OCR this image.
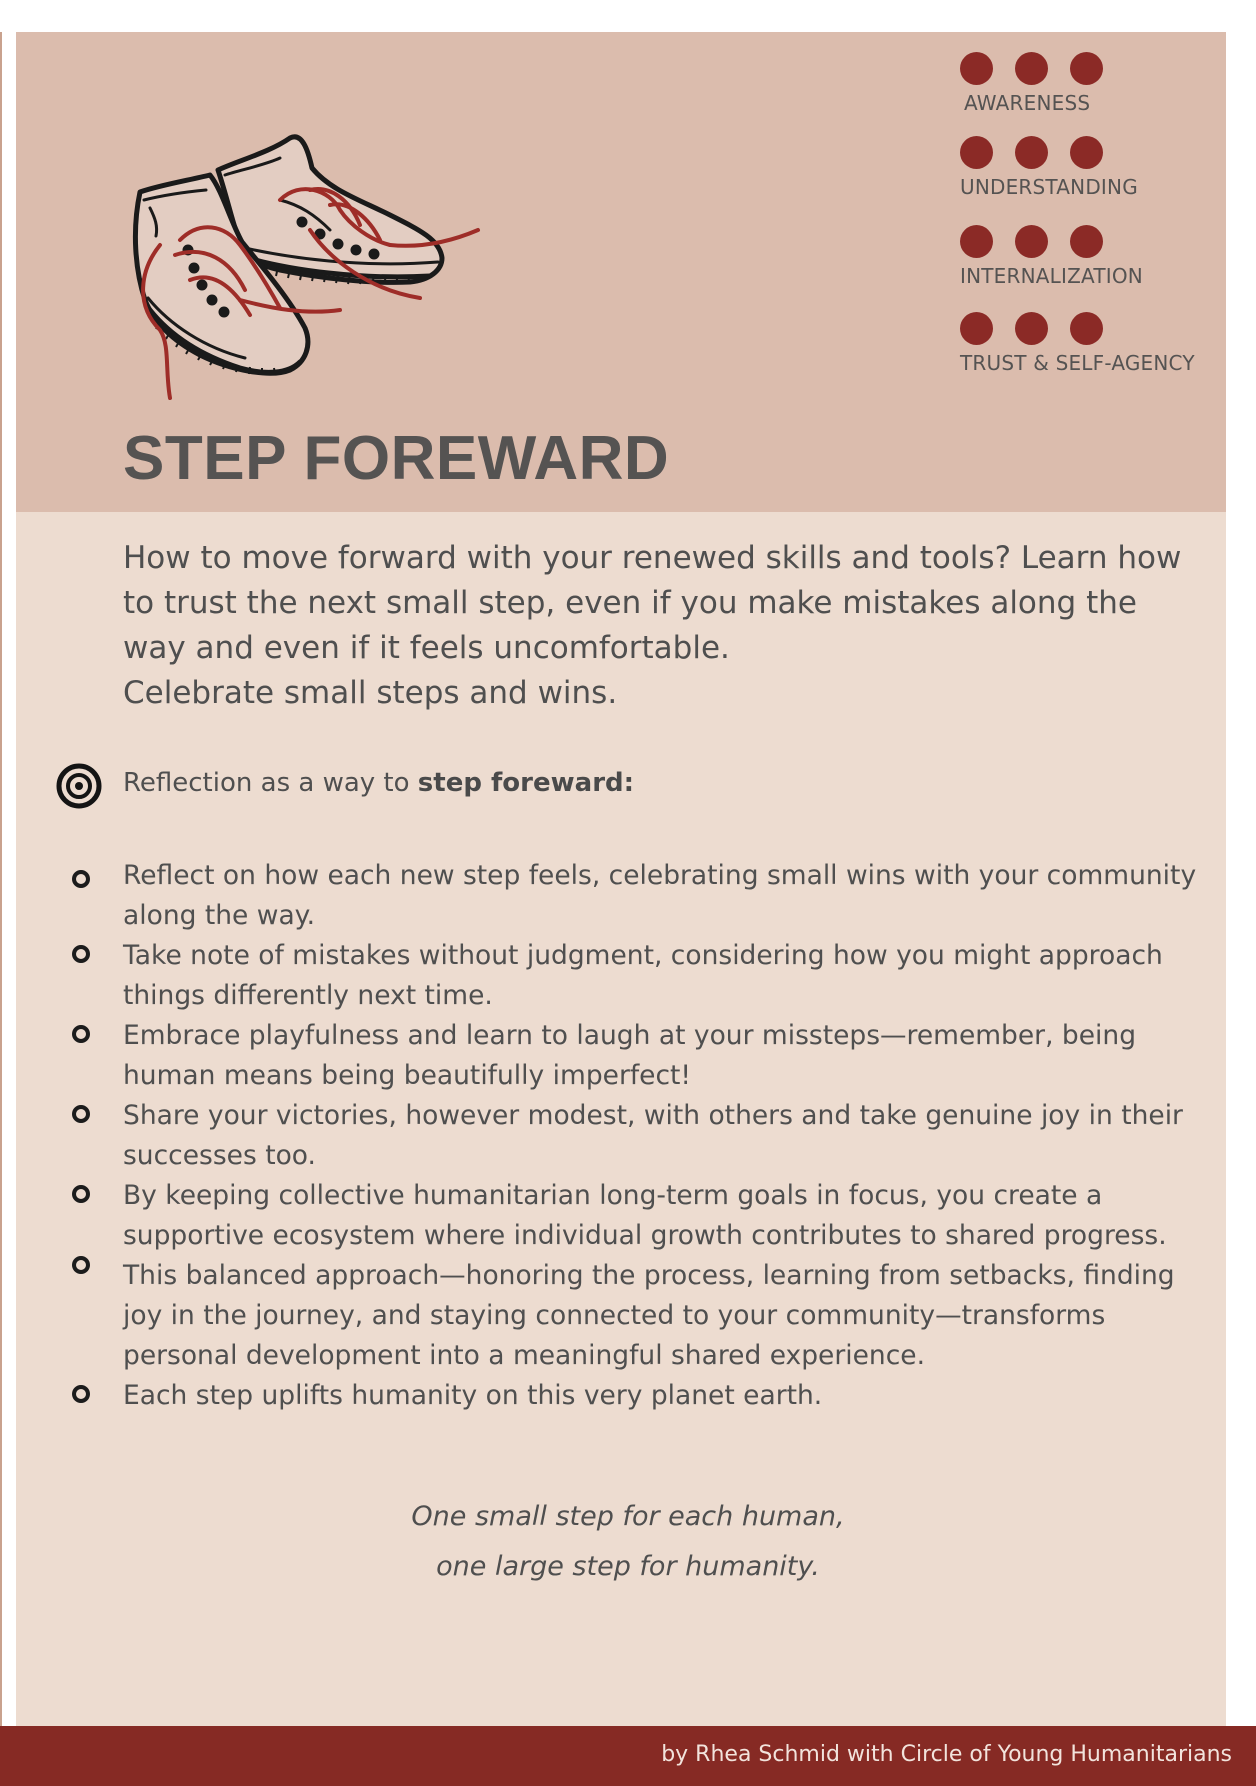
STEP FOREWARD
AWARENESS
UNDERSTANDING
INTERNALIZATION
TRUST & SELF-AGENCY

How to move forward with your renewed skills and tools? Learn how to trust the next small step, even if you make mistakes along the way and even if it feels uncomfortable.

Celebrate small steps and wins.

Reflection as a way to step foreward:

Reflect on how each new step feels, celebrating small wins with your community along the way.
Take note of mistakes without judgment, considering how you might approach things differently next time.
Embrace playfulness and learn to laugh at your missteps—remember, being human means being beautifully imperfect!
Share your victories, however modest, with others and take genuine joy in their successes too.
By keeping collective humanitarian long-term goals in focus, you create a supportive ecosystem where individual growth contributes to shared progress.
This balanced approach—honoring the process, learning from setbacks, finding joy in the journey, and staying connected to your community—transforms personal development into a meaningful shared experience.
Each step uplifts humanity on this very planet earth.
One small step for each human,
one large step for humanity.
by Rhea Schmid with Circle of Young Humanitarians
